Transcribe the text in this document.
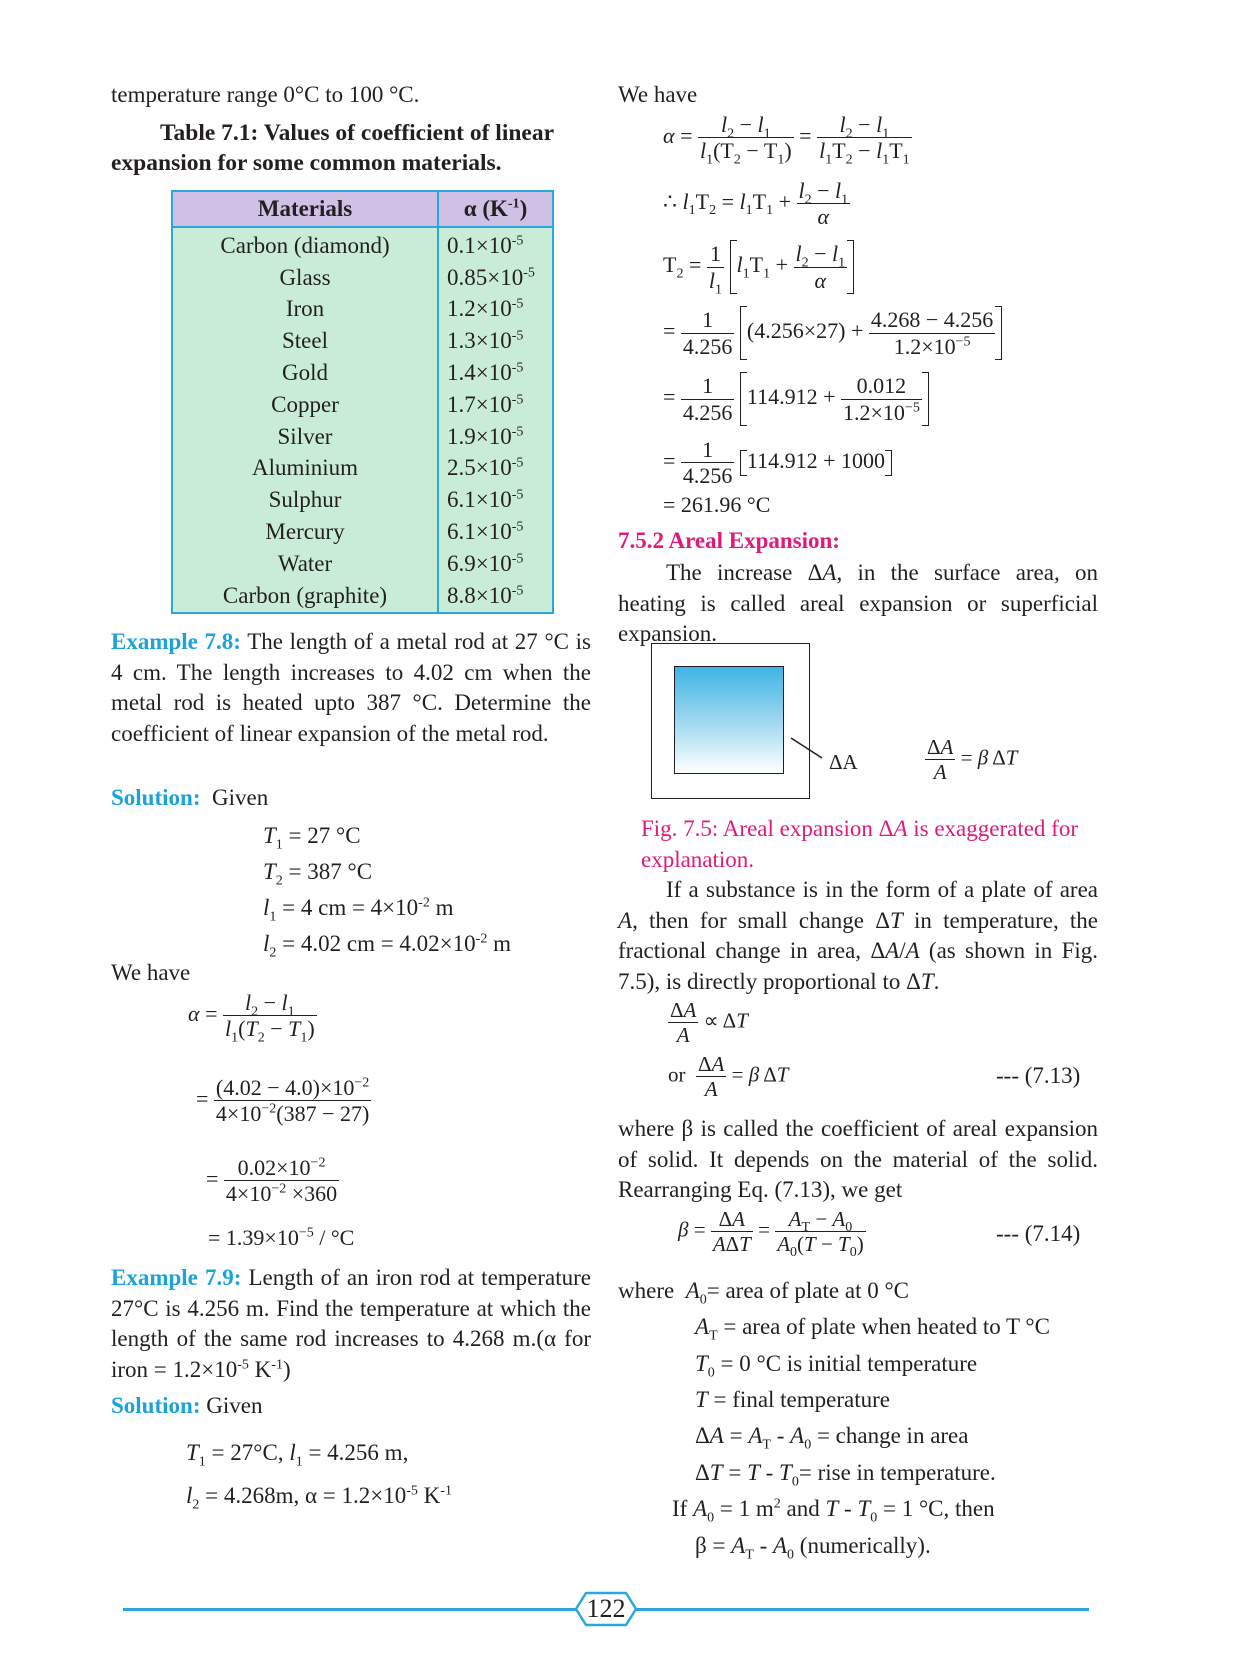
temperature range 0°C to 100 °C.
Table 7.1: Values of coefficient of linear
expansion for some common materials.
Materials	α $(K^{-1})$
Carbon (diamond)	$0.1\times 10^{-5}$
Glass	$0.85\times 10^{-5}$
Iron	$1.2\times 10^{-5}$
Steel	$1.3\times 10^{-5}$
Gold	$1.4\times 10^{-5}$
Copper	$1.7\times 10^{-5}$
Silver	$1.9\times 10^{-5}$
Aluminium	$2.5\times 10^{-5}$
Sulphur	$6.1\times 10^{-5}$
Mercury	$6.1\times 10^{-5}$
Water	$6.9\times 10^{-5}$
Carbon (graphite)	$8.8\times 10^{-5}$
Example 7.8: The length of a metal rod at 27 °C is 4 cm. The length increases to 4.02 cm when the metal rod is heated upto 387 °C. Determine the coefficient of linear expansion of the metal rod.
Solution: Given
$T_1 = 27$ °C
$T_2 = 387$ °C
$l_1 = 4$ cm = $4\times 10^{-2}$ m
$l_2 = 4.02$ cm = $4.02\times 10^{-2}$ m
We have
$\alpha = \frac{l_2 - l_1}{l_1(T_2 - T_1)}$
= $\frac{(4.02 - 4.0)\times 10^{-2}}{4\times 10^{-2}(387 - 27)}$
= $\frac{0.02\times 10^{-2}}{4\times 10^{-2} \times 360}$
= $1.39\times 10^{-5} / ^\circ C$
Example 7.9: Length of an iron rod at temperature 27°C is 4.256 m. Find the temperature at which the length of the same rod increases to 4.268 m.(α for iron = $1.2\times 10^{-5}$ $K^{-1}$)
Solution: Given
$T_1 = 27^\circ C$, $l_1 = 4.256$ m,
$l_2 = 4.268m$, $\alpha = 1.2\times 10^{-5}$ $K^{-1}$
We have
$\alpha = \frac{l_2 - l_1}{l_1(T_2 - T_1)} = \frac{l_2 - l_1}{l_1T_2 - l_1T_1}$
∴ $l_1T_2 = l_1T_1 + \frac{l_2 - l_1}{\alpha}$
$T_2 = \frac{1}{l_1} l_1T_1 + \frac{l_2 - l_1}{\alpha}$
= $\frac{1}{4.256} (4.256\times 27) + \frac{4.268 - 4.256}{1.2\times 10^{-5}}$
= $\frac{1}{4.256} 114.912 + \frac{0.012}{1.2\times 10^{-5}}$
= $\frac{1}{4.256} 114.912 + 1000$
= 261.96 °C
7.5.2 Areal Expansion:
The increase ΔA, in the surface area, on heating is called areal expansion or superficial expansion.
ΔA	$\frac{\Delta A}{A} = \beta$ ΔT
Fig. 7.5: Areal expansion ΔA is exaggerated for explanation.
If a substance is in the form of a plate of area A, then for small change ΔT in temperature, the fractional change in area, ΔA/A (as shown in Fig. 7.5), is directly proportional to ΔT.
$\frac{\Delta A}{A} \propto \Delta T$
or $\frac{\Delta A}{A} = \beta$ ΔT	--- (7.13)
where β is called the coefficient of areal expansion of solid. It depends on the material of the solid. Rearranging Eq. (7.13), we get
$\beta = \frac{\Delta A}{\text{AΔT}} = \frac{A_T - A_0}{A_0(T - T_0)}$	--- (7.14)
where  $A_0=$ area of plate at 0 °C
$A_T$ = area of plate when heated to T °C
$T_0 = 0$ °C is initial temperature
T = final temperature
$\Delta A = A_T - A_0$ = change in area
$\Delta T = T - T_0=$ rise in temperature.
If $A_0 = 1$ $m^2$ and $T - T_0 = 1$ °C, then
$\beta = A_T - A_0$ (numerically).
122
